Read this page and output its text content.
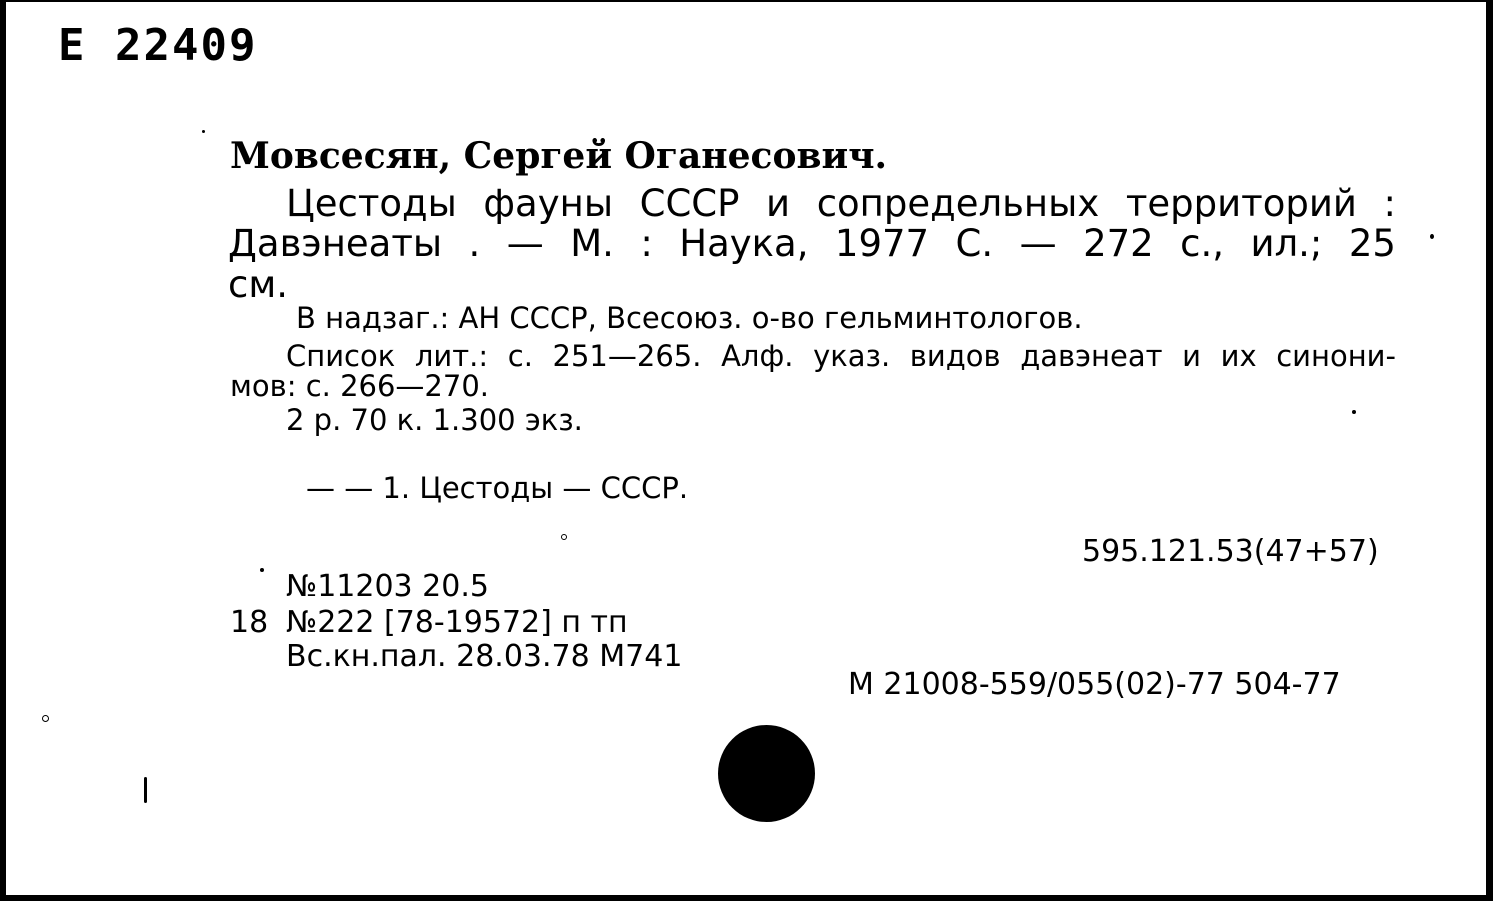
Е 22409
Мовсесян, Сергей Оганесович.
Цестоды фауны СССР и сопредельных территорий :
Давэнеаты . — М. : Наука, 1977 С. — 272 с., ил.; 25
см.
В надзаг.: АН СССР, Всесоюз. о-во гельминтологов.
Список лит.: с. 251—265. Алф. указ. видов давэнеат и их синони-
мов: с. 266—270.
2 р. 70 к. 1.300 экз.
— — 1. Цестоды — СССР.
595.121.53(47+57)
№11203 20.5
18 №222 [78-19572] п тп
Вс.кн.пал. 28.03.78 М741
М 21008-559/055(02)-77 504-77
